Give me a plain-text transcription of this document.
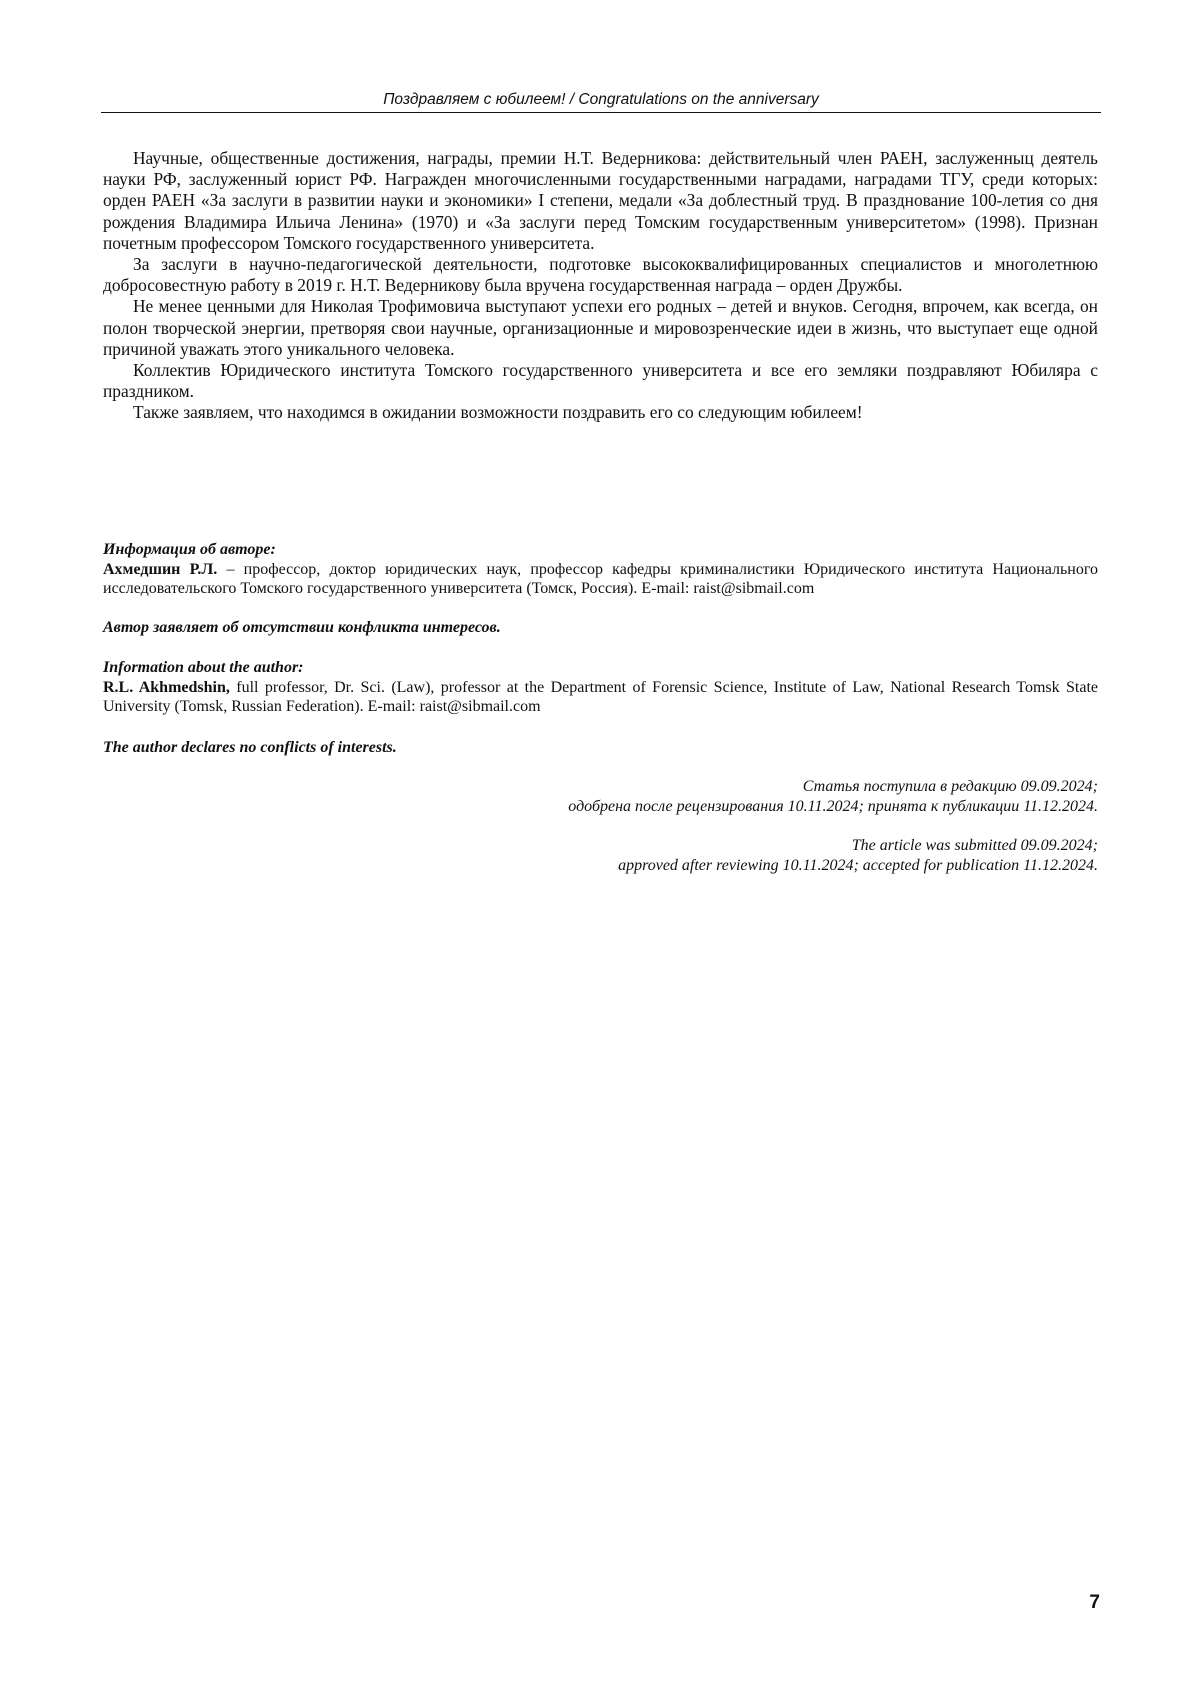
Поздравляем с юбилеем! / Congratulations on the anniversary

Научные, общественные достижения, награды, премии Н.Т. Ведерникова: действительный член РАЕН, заслуженныц деятель науки РФ, заслуженный юрист РФ. Награжден многочисленными государственными наградами, наградами ТГУ, среди которых: орден РАЕН «За заслуги в развитии науки и экономики» I степени, медали «За доблестный труд. В празднование 100-летия со дня рождения Владимира Ильича Ленина» (1970) и «За заслуги перед Томским государственным университетом» (1998). Признан почетным профессором Томского государственного университета.

За заслуги в научно-педагогической деятельности, подготовке высококвалифицированных специалистов и многолетнюю добросовестную работу в 2019 г. Н.Т. Ведерникову была вручена государственная награда – орден Дружбы.

Не менее ценными для Николая Трофимовича выступают успехи его родных – детей и внуков. Сегодня, впрочем, как всегда, он полон творческой энергии, претворяя свои научные, организационные и мировозренческие идеи в жизнь, что выступает еще одной причиной уважать этого уникального человека.

Коллектив Юридического института Томского государственного университета и все его земляки поздравляют Юбиляра с праздником.

Также заявляем, что находимся в ожидании возможности поздравить его со следующим юбилеем!

Информация об авторе:

Ахмедшин Р.Л. – профессор, доктор юридических наук, профессор кафедры криминалистики Юридического института Национального исследовательского Томского государственного университета (Томск, Россия). E-mail: raist@sibmail.com

Автор заявляет об отсутствии конфликта интересов.

Information about the author:

R.L. Akhmedshin, full professor, Dr. Sci. (Law), professor at the Department of Forensic Science, Institute of Law, National Research Tomsk State University (Tomsk, Russian Federation). E-mail: raist@sibmail.com

The author declares no conflicts of interests.

Статья поступила в редакцию 09.09.2024;

одобрена после рецензирования 10.11.2024; принята к публикации 11.12.2024.

The article was submitted 09.09.2024;

approved after reviewing 10.11.2024; accepted for publication 11.12.2024.

7
